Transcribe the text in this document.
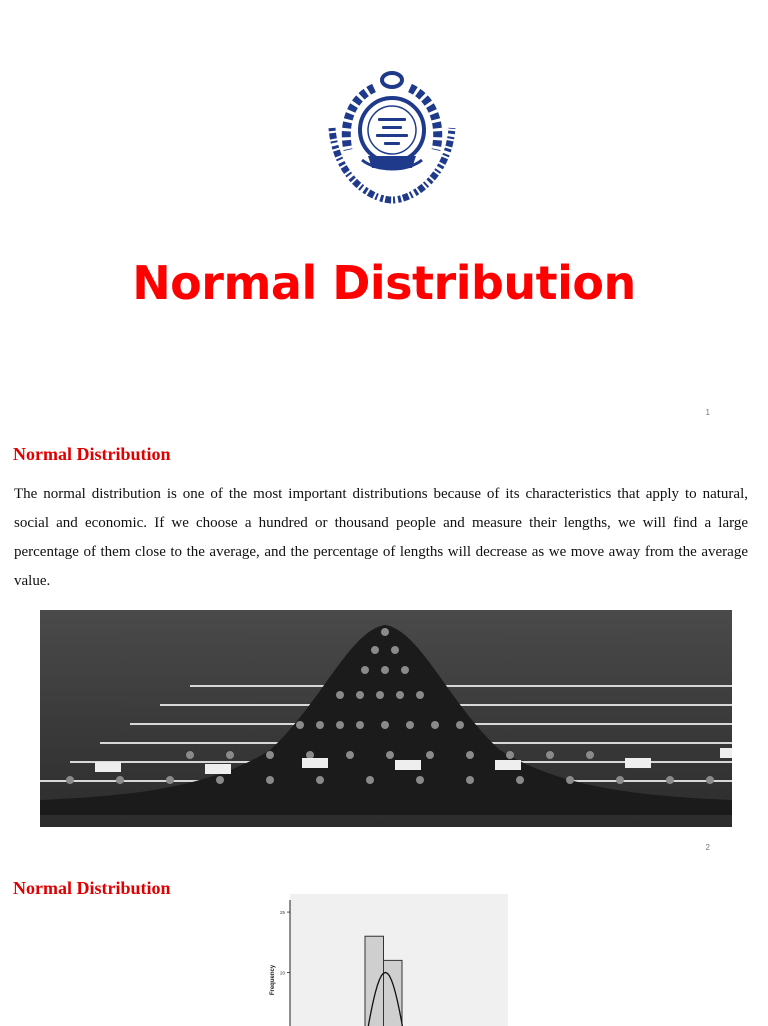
Normal Distribution
1
Normal Distribution

The normal distribution is one of the most important distributions because of its characteristics that apply to natural, social and economic. If we choose a hundred or thousand people and measure their lengths, we will find a large percentage of them close to the average, and the percentage of lengths will decrease as we move away from the average value.

2
Normal Distribution
25
20
Frequency
